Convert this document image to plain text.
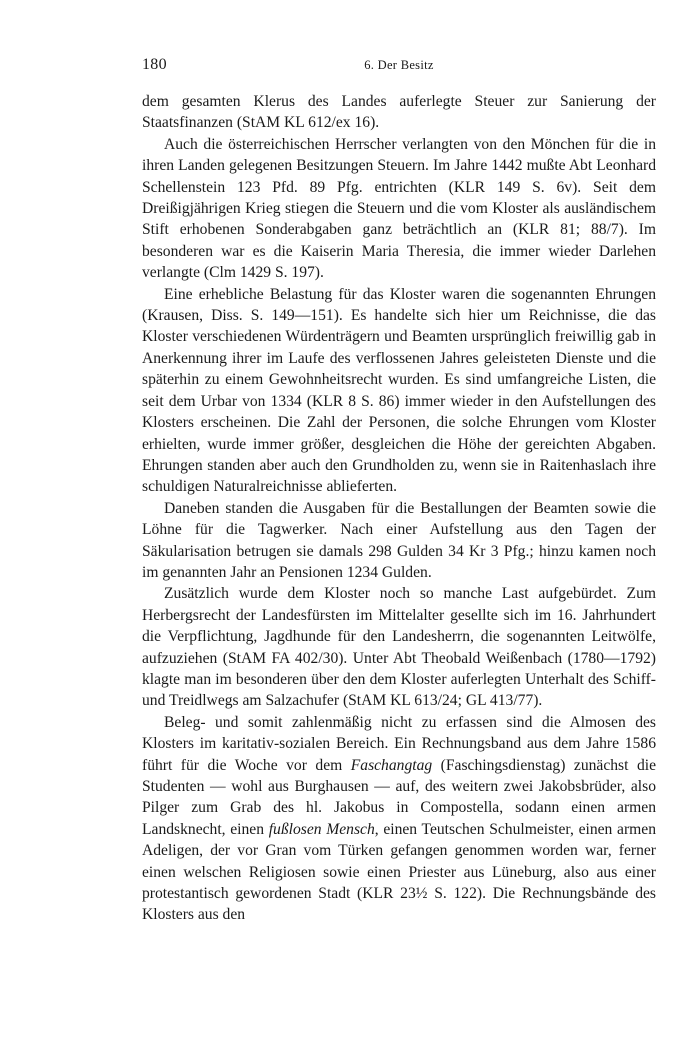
180	6. Der Besitz

dem gesamten Klerus des Landes auferlegte Steuer zur Sanierung der Staatsfinanzen (StAM KL 612/ex 16).

Auch die österreichischen Herrscher verlangten von den Mönchen für die in ihren Landen gelegenen Besitzungen Steuern. Im Jahre 1442 mußte Abt Leonhard Schellenstein 123 Pfd. 89 Pfg. entrichten (KLR 149 S. 6v). Seit dem Dreißigjährigen Krieg stiegen die Steuern und die vom Kloster als ausländischem Stift erhobenen Sonderabgaben ganz beträchtlich an (KLR 81; 88/7). Im besonderen war es die Kaiserin Maria Theresia, die immer wieder Darlehen verlangte (Clm 1429 S. 197).

Eine erhebliche Belastung für das Kloster waren die sogenannten Ehrungen (Krausen, Diss. S. 149—151). Es handelte sich hier um Reichnisse, die das Kloster verschiedenen Würdenträgern und Beamten ursprünglich freiwillig gab in Anerkennung ihrer im Laufe des verflossenen Jahres geleisteten Dienste und die späterhin zu einem Gewohnheitsrecht wurden. Es sind umfangreiche Listen, die seit dem Urbar von 1334 (KLR 8 S. 86) immer wieder in den Aufstellungen des Klosters erscheinen. Die Zahl der Personen, die solche Ehrungen vom Kloster erhielten, wurde immer größer, desgleichen die Höhe der gereichten Abgaben. Ehrungen standen aber auch den Grundholden zu, wenn sie in Raitenhaslach ihre schuldigen Naturalreichnisse ablieferten.

Daneben standen die Ausgaben für die Bestallungen der Beamten sowie die Löhne für die Tagwerker. Nach einer Aufstellung aus den Tagen der Säkularisation betrugen sie damals 298 Gulden 34 Kr 3 Pfg.; hinzu kamen noch im genannten Jahr an Pensionen 1234 Gulden.

Zusätzlich wurde dem Kloster noch so manche Last aufgebürdet. Zum Herbergsrecht der Landesfürsten im Mittelalter gesellte sich im 16. Jahrhundert die Verpflichtung, Jagdhunde für den Landesherrn, die sogenannten Leitwölfe, aufzuziehen (StAM FA 402/30). Unter Abt Theobald Weißenbach (1780—1792) klagte man im besonderen über den dem Kloster auferlegten Unterhalt des Schiff- und Treidlwegs am Salzachufer (StAM KL 613/24; GL 413/77).

Beleg- und somit zahlenmäßig nicht zu erfassen sind die Almosen des Klosters im karitativ-sozialen Bereich. Ein Rechnungsband aus dem Jahre 1586 führt für die Woche vor dem Faschangtag (Faschingsdienstag) zunächst die Studenten — wohl aus Burghausen — auf, des weitern zwei Jakobsbrüder, also Pilger zum Grab des hl. Jakobus in Compostella, sodann einen armen Landsknecht, einen fußlosen Mensch, einen Teutschen Schulmeister, einen armen Adeligen, der vor Gran vom Türken gefangen genommen worden war, ferner einen welschen Religiosen sowie einen Priester aus Lüneburg, also aus einer protestantisch gewordenen Stadt (KLR 23½ S. 122). Die Rechnungsbände des Klosters aus den
